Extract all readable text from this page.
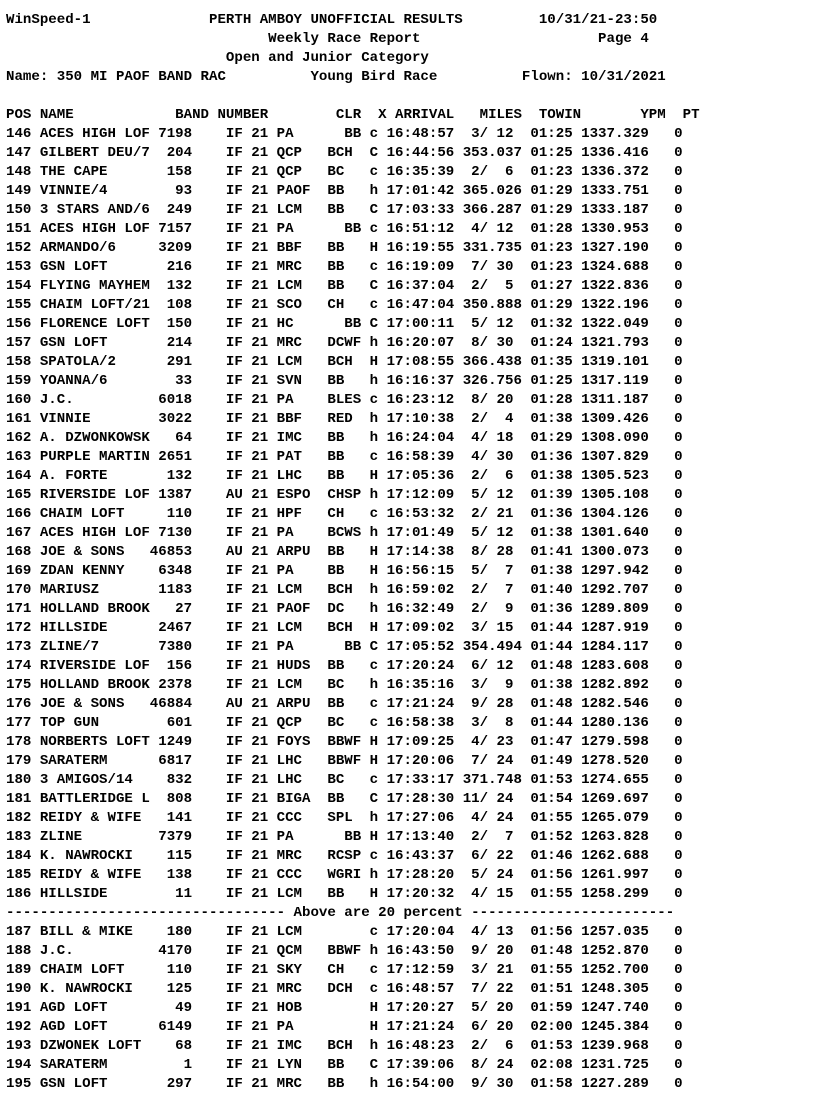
WinSpeed-1              PERTH AMBOY UNOFFICIAL RESULTS         10/31/21-23:50
Weekly Race Report                     Page 4
Open and Junior Category
Name: 350 MI PAOF BAND RAC          Young Bird Race          Flown: 10/31/2021

POS NAME            BAND NUMBER        CLR  X ARRIVAL   MILES  TOWIN       YPM  PT
146 ACES HIGH LOF 7198    IF 21 PA      BB c 16:48:57  3/ 12  01:25 1337.329   0
147 GILBERT DEU/7  204    IF 21 QCP   BCH  C 16:44:56 353.037 01:25 1336.416   0
148 THE CAPE       158    IF 21 QCP   BC   c 16:35:39  2/  6  01:23 1336.372   0
149 VINNIE/4        93    IF 21 PAOF  BB   h 17:01:42 365.026 01:29 1333.751   0
150 3 STARS AND/6  249    IF 21 LCM   BB   C 17:03:33 366.287 01:29 1333.187   0
151 ACES HIGH LOF 7157    IF 21 PA      BB c 16:51:12  4/ 12  01:28 1330.953   0
152 ARMANDO/6     3209    IF 21 BBF   BB   H 16:19:55 331.735 01:23 1327.190   0
153 GSN LOFT       216    IF 21 MRC   BB   c 16:19:09  7/ 30  01:23 1324.688   0
154 FLYING MAYHEM  132    IF 21 LCM   BB   C 16:37:04  2/  5  01:27 1322.836   0
155 CHAIM LOFT/21  108    IF 21 SCO   CH   c 16:47:04 350.888 01:29 1322.196   0
156 FLORENCE LOFT  150    IF 21 HC      BB C 17:00:11  5/ 12  01:32 1322.049   0
157 GSN LOFT       214    IF 21 MRC   DCWF h 16:20:07  8/ 30  01:24 1321.793   0
158 SPATOLA/2      291    IF 21 LCM   BCH  H 17:08:55 366.438 01:35 1319.101   0
159 YOANNA/6        33    IF 21 SVN   BB   h 16:16:37 326.756 01:25 1317.119   0
160 J.C.          6018    IF 21 PA    BLES c 16:23:12  8/ 20  01:28 1311.187   0
161 VINNIE        3022    IF 21 BBF   RED  h 17:10:38  2/  4  01:38 1309.426   0
162 A. DZWONKOWSK   64    IF 21 IMC   BB   h 16:24:04  4/ 18  01:29 1308.090   0
163 PURPLE MARTIN 2651    IF 21 PAT   BB   c 16:58:39  4/ 30  01:36 1307.829   0
164 A. FORTE       132    IF 21 LHC   BB   H 17:05:36  2/  6  01:38 1305.523   0
165 RIVERSIDE LOF 1387    AU 21 ESPO  CHSP h 17:12:09  5/ 12  01:39 1305.108   0
166 CHAIM LOFT     110    IF 21 HPF   CH   c 16:53:32  2/ 21  01:36 1304.126   0
167 ACES HIGH LOF 7130    IF 21 PA    BCWS h 17:01:49  5/ 12  01:38 1301.640   0
168 JOE & SONS   46853    AU 21 ARPU  BB   H 17:14:38  8/ 28  01:41 1300.073   0
169 ZDAN KENNY    6348    IF 21 PA    BB   H 16:56:15  5/  7  01:38 1297.942   0
170 MARIUSZ       1183    IF 21 LCM   BCH  h 16:59:02  2/  7  01:40 1292.707   0
171 HOLLAND BROOK   27    IF 21 PAOF  DC   h 16:32:49  2/  9  01:36 1289.809   0
172 HILLSIDE      2467    IF 21 LCM   BCH  H 17:09:02  3/ 15  01:44 1287.919   0
173 ZLINE/7       7380    IF 21 PA      BB C 17:05:52 354.494 01:44 1284.117   0
174 RIVERSIDE LOF  156    IF 21 HUDS  BB   c 17:20:24  6/ 12  01:48 1283.608   0
175 HOLLAND BROOK 2378    IF 21 LCM   BC   h 16:35:16  3/  9  01:38 1282.892   0
176 JOE & SONS   46884    AU 21 ARPU  BB   c 17:21:24  9/ 28  01:48 1282.546   0
177 TOP GUN        601    IF 21 QCP   BC   c 16:58:38  3/  8  01:44 1280.136   0
178 NORBERTS LOFT 1249    IF 21 FOYS  BBWF H 17:09:25  4/ 23  01:47 1279.598   0
179 SARATERM      6817    IF 21 LHC   BBWF H 17:20:06  7/ 24  01:49 1278.520   0
180 3 AMIGOS/14    832    IF 21 LHC   BC   c 17:33:17 371.748 01:53 1274.655   0
181 BATTLERIDGE L  808    IF 21 BIGA  BB   C 17:28:30 11/ 24  01:54 1269.697   0
182 REIDY & WIFE   141    IF 21 CCC   SPL  h 17:27:06  4/ 24  01:55 1265.079   0
183 ZLINE         7379    IF 21 PA      BB H 17:13:40  2/  7  01:52 1263.828   0
184 K. NAWROCKI    115    IF 21 MRC   RCSP c 16:43:37  6/ 22  01:46 1262.688   0
185 REIDY & WIFE   138    IF 21 CCC   WGRI h 17:28:20  5/ 24  01:56 1261.997   0
186 HILLSIDE        11    IF 21 LCM   BB   H 17:20:32  4/ 15  01:55 1258.299   0
--------------------------------- Above are 20 percent ------------------------
187 BILL & MIKE    180    IF 21 LCM        c 17:20:04  4/ 13  01:56 1257.035   0
188 J.C.          4170    IF 21 QCM   BBWF h 16:43:50  9/ 20  01:48 1252.870   0
189 CHAIM LOFT     110    IF 21 SKY   CH   c 17:12:59  3/ 21  01:55 1252.700   0
190 K. NAWROCKI    125    IF 21 MRC   DCH  c 16:48:57  7/ 22  01:51 1248.305   0
191 AGD LOFT        49    IF 21 HOB        H 17:20:27  5/ 20  01:59 1247.740   0
192 AGD LOFT      6149    IF 21 PA         H 17:21:24  6/ 20  02:00 1245.384   0
193 DZWONEK LOFT    68    IF 21 IMC   BCH  h 16:48:23  2/  6  01:53 1239.968   0
194 SARATERM         1    IF 21 LYN   BB   C 17:39:06  8/ 24  02:08 1231.725   0
195 GSN LOFT       297    IF 21 MRC   BB   h 16:54:00  9/ 30  01:58 1227.289   0
